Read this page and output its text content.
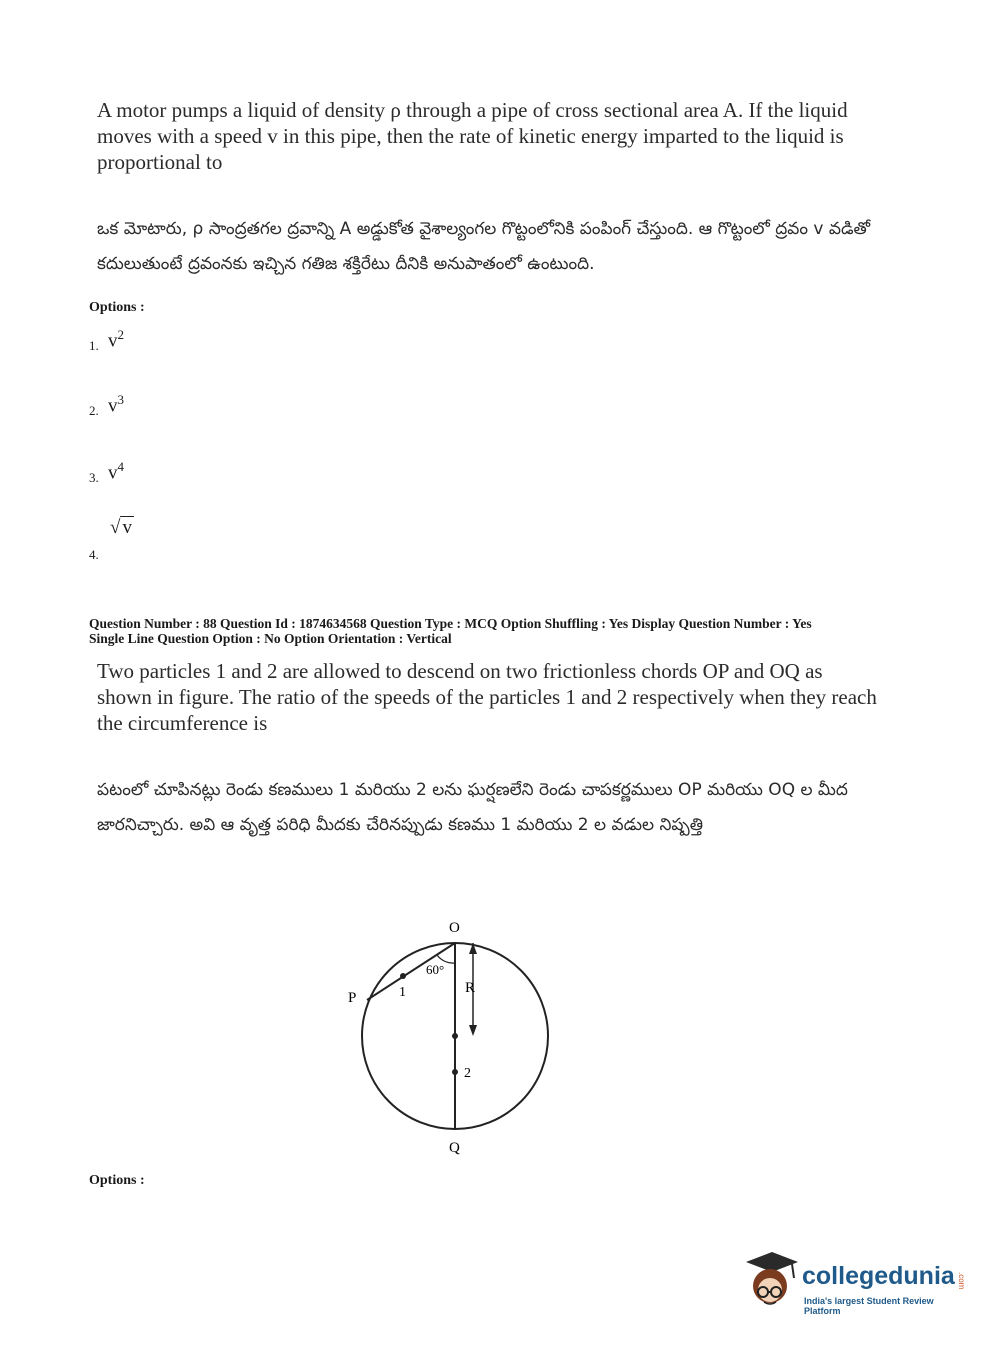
A motor pumps a liquid of density ρ through a pipe of cross sectional area A. If the liquid moves with a speed v in this pipe, then the rate of kinetic energy imparted to the liquid is proportional to
ఒక మోటారు, ρ సాంద్రతగల ద్రవాన్ని A అడ్డుకోత వైశాల్యంగల గొట్టంలోనికి పంపింగ్ చేస్తుంది. ఆ గొట్టంలో ద్రవం v వడితో కదులుతుంటే ద్రవంనకు ఇచ్చిన గతిజ శక్తిరేటు దీనికి అనుపాతంలో ఉంటుంది.
Options :
1. $v^2$
2. $v^3$
3. $v^4$
4.
√ v
Question Number : 88 Question Id : 1874634568 Question Type : MCQ Option Shuffling : Yes Display Question Number : Yes
Single Line Question Option : No Option Orientation : Vertical
Two particles 1 and 2 are allowed to descend on two frictionless chords OP and OQ as shown in figure. The ratio of the speeds of the particles 1 and 2 respectively when they reach the circumference is
పటంలో చూపినట్లు రెండు కణములు 1 మరియు 2 లను ఘర్షణలేని రెండు చాపకర్ణములు OP మరియు OQ ల మీద జారనిచ్చారు. అవి ఆ వృత్త పరిధి మీదకు చేరినప్పుడు కణము 1 మరియు 2 ల వడుల నిష్పత్తి
O
P
Q
R
1
2
60°
Options :
collegedunia .com
India's largest Student Review Platform
